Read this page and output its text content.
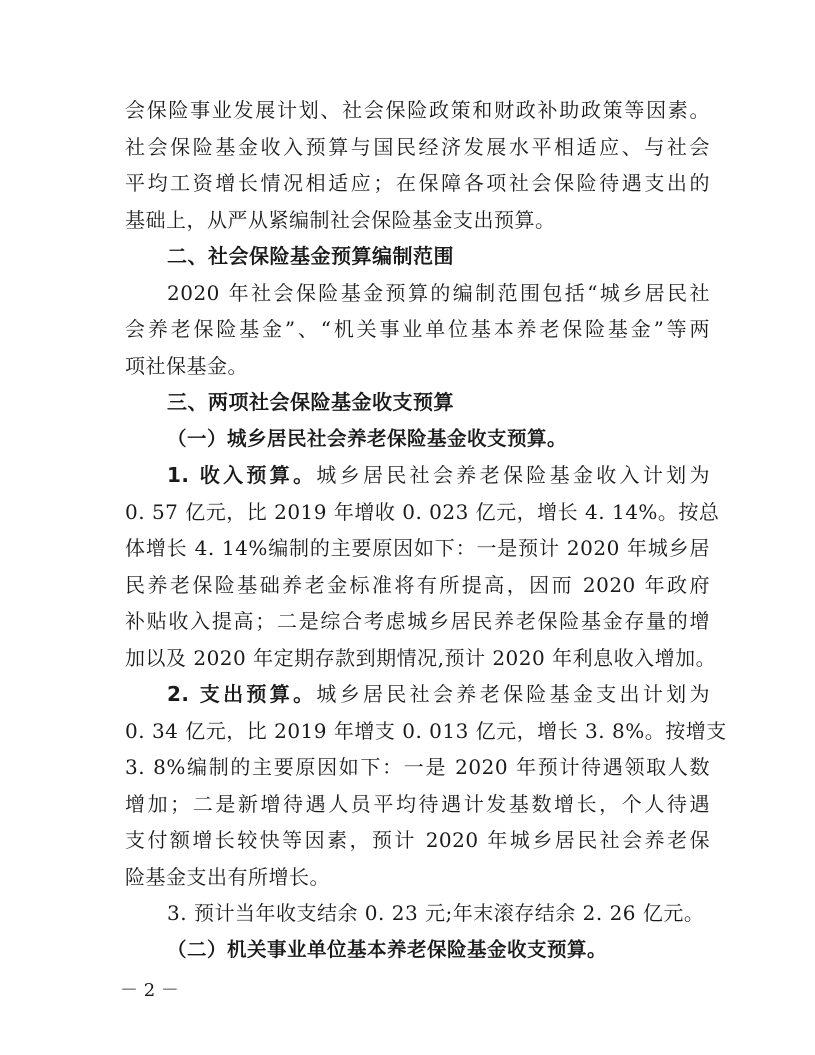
会保险事业发展计划、社会保险政策和财政补助政策等因素。
社会保险基金收入预算与国民经济发展水平相适应、与社会
平均工资增长情况相适应；在保障各项社会保险待遇支出的
基础上，从严从紧编制社会保险基金支出预算。
二、社会保险基金预算编制范围
2020 年社会保险基金预算的编制范围包括“城乡居民社
会养老保险基金”、“机关事业单位基本养老保险基金”等两
项社保基金。
三、两项社会保险基金收支预算
（一）城乡居民社会养老保险基金收支预算。
1. 收入预算。城乡居民社会养老保险基金收入计划为
0. 57 亿元，比 2019 年增收 0. 023 亿元，增长 4. 14%。按总
体增长 4. 14%编制的主要原因如下：一是预计 2020 年城乡居
民养老保险基础养老金标准将有所提高，因而 2020 年政府
补贴收入提高；二是综合考虑城乡居民养老保险基金存量的增
加以及 2020 年定期存款到期情况,预计 2020 年利息收入增加。
2. 支出预算。城乡居民社会养老保险基金支出计划为
0. 34 亿元，比 2019 年增支 0. 013 亿元，增长 3. 8%。按增支
3. 8%编制的主要原因如下：一是 2020 年预计待遇领取人数
增加；二是新增待遇人员平均待遇计发基数增长，个人待遇
支付额增长较快等因素，预计 2020 年城乡居民社会养老保
险基金支出有所增长。
3. 预计当年收支结余 0. 23 元;年末滚存结余 2. 26 亿元。
（二）机关事业单位基本养老保险基金收支预算。
－ 2 －
